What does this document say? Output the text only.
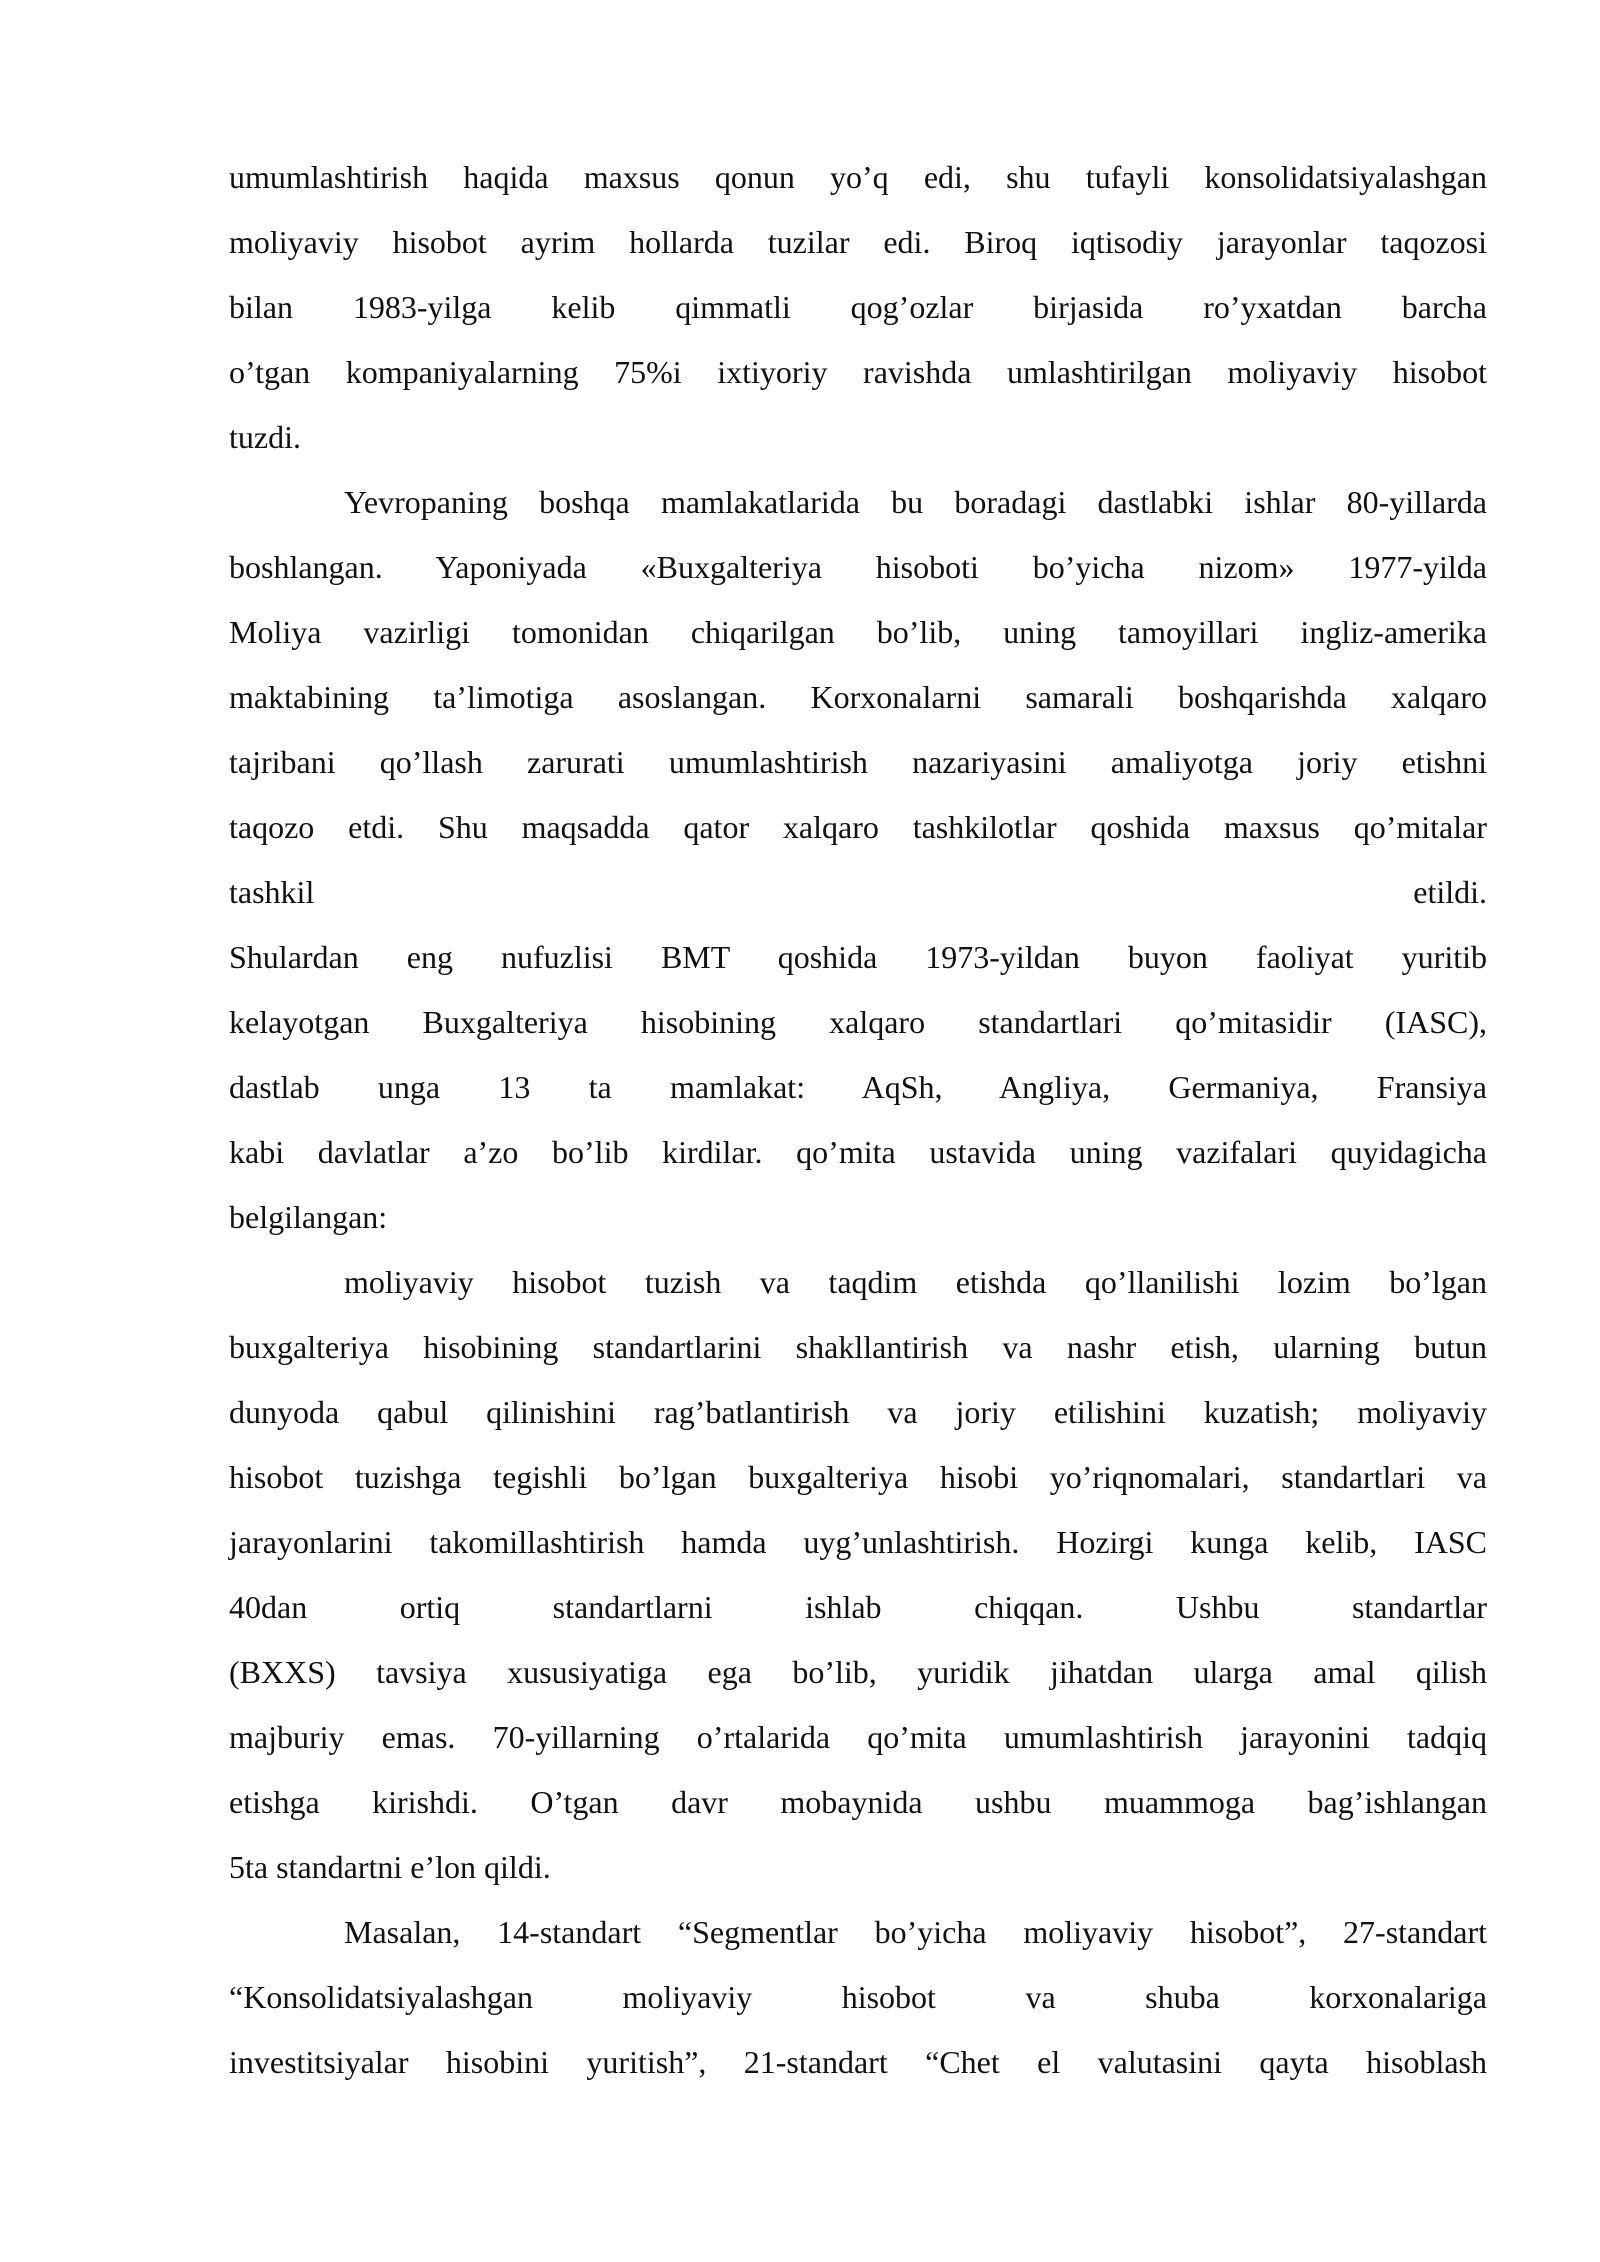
umumlashtirish haqida maxsus qonun yo’q edi, shu tufayli konsolidatsiyalashgan
moliyaviy hisobot ayrim hollarda tuzilar edi. Biroq iqtisodiy jarayonlar taqozosi
bilan 1983-yilga kelib qimmatli qog’ozlar birjasida ro’yxatdan barcha
o’tgan kompaniyalarning 75%i ixtiyoriy ravishda umlashtirilgan moliyaviy hisobot
tuzdi.
Yevropaning boshqa mamlakatlarida bu boradagi dastlabki ishlar 80-yillarda
boshlangan. Yaponiyada «Buxgalteriya hisoboti bo’yicha nizom» 1977-yilda
Moliya vazirligi tomonidan chiqarilgan bo’lib, uning tamoyillari ingliz-amerika
maktabining ta’limotiga asoslangan. Korxonalarni samarali boshqarishda xalqaro
tajribani qo’llash zarurati umumlashtirish nazariyasini amaliyotga joriy etishni
taqozo etdi. Shu maqsadda qator xalqaro tashkilotlar qoshida maxsus qo’mitalar
tashkil etildi.
Shulardan eng nufuzlisi BMT qoshida 1973-yildan buyon faoliyat yuritib
kelayotgan Buxgalteriya hisobining xalqaro standartlari qo’mitasidir (IASC),
dastlab unga 13 ta mamlakat: AqSh, Angliya, Germaniya, Fransiya
kabi davlatlar a’zo bo’lib kirdilar. qo’mita ustavida uning vazifalari quyidagicha
belgilangan:
moliyaviy hisobot tuzish va taqdim etishda qo’llanilishi lozim bo’lgan
buxgalteriya hisobining standartlarini shakllantirish va nashr etish, ularning butun
dunyoda qabul qilinishini rag’batlantirish va joriy etilishini kuzatish; moliyaviy
hisobot tuzishga tegishli bo’lgan buxgalteriya hisobi yo’riqnomalari, standartlari va
jarayonlarini takomillashtirish hamda uyg’unlashtirish. Hozirgi kunga kelib, IASC
40dan ortiq standartlarni ishlab chiqqan. Ushbu standartlar
(BXXS) tavsiya xususiyatiga ega bo’lib, yuridik jihatdan ularga amal qilish
majburiy emas. 70-yillarning o’rtalarida qo’mita umumlashtirish jarayonini tadqiq
etishga kirishdi. O’tgan davr mobaynida ushbu muammoga bag’ishlangan
5ta standartni e’lon qildi.
Masalan, 14-standart “Segmentlar bo’yicha moliyaviy hisobot”, 27-standart
“Konsolidatsiyalashgan moliyaviy hisobot va shuba korxonalariga
investitsiyalar hisobini yuritish”, 21-standart “Chet el valutasini qayta hisoblash
